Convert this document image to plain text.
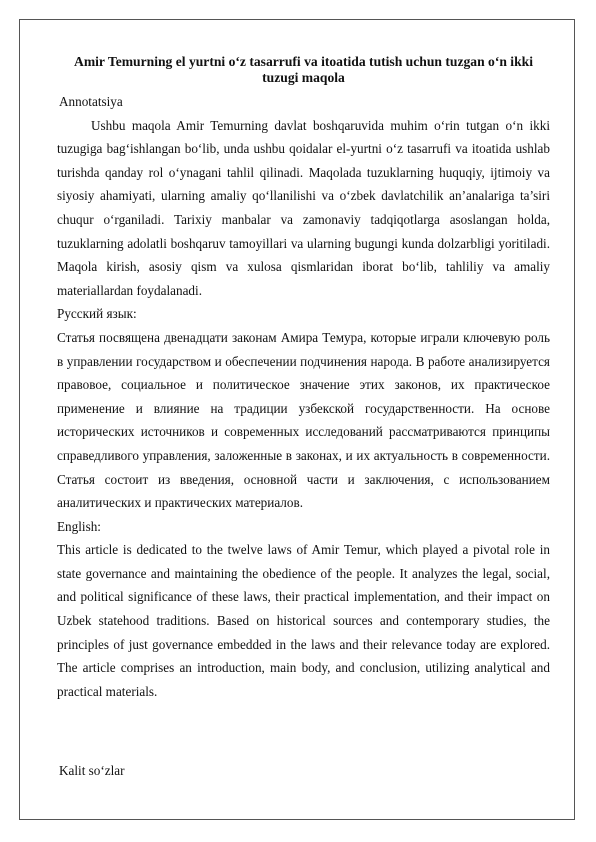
Amir Temurning el yurtni o‘z tasarrufi va itoatida tutish uchun tuzgan o‘n ikki tuzugi maqola

Annotatsiya

Ushbu maqola Amir Temurning davlat boshqaruvida muhim o‘rin tutgan o‘n ikki tuzugiga bag‘ishlangan bo‘lib, unda ushbu qoidalar el-yurtni o‘z tasarrufi va itoatida ushlab turishda qanday rol o‘ynagani tahlil qilinadi. Maqolada tuzuklarning huquqiy, ijtimoiy va siyosiy ahamiyati, ularning amaliy qo‘llanilishi va o‘zbek davlatchilik an’analariga ta’siri chuqur o‘rganiladi. Tarixiy manbalar va zamonaviy tadqiqotlarga asoslangan holda, tuzuklarning adolatli boshqaruv tamoyillari va ularning bugungi kunda dolzarbligi yoritiladi. Maqola kirish, asosiy qism va xulosa qismlaridan iborat bo‘lib, tahliliy va amaliy materiallardan foydalanadi.

Русский язык:

Статья посвящена двенадцати законам Амира Темура, которые играли ключевую роль в управлении государством и обеспечении подчинения народа. В работе анализируется правовое, социальное и политическое значение этих законов, их практическое применение и влияние на традиции узбекской государственности. На основе исторических источников и современных исследований рассматриваются принципы справедливого управления, заложенные в законах, и их актуальность в современности. Статья состоит из введения, основной части и заключения, с использованием аналитических и практических материалов.

English:

This article is dedicated to the twelve laws of Amir Temur, which played a pivotal role in state governance and maintaining the obedience of the people. It analyzes the legal, social, and political significance of these laws, their practical implementation, and their impact on Uzbek statehood traditions. Based on historical sources and contemporary studies, the principles of just governance embedded in the laws and their relevance today are explored. The article comprises an introduction, main body, and conclusion, utilizing analytical and practical materials.

Kalit so‘zlar
